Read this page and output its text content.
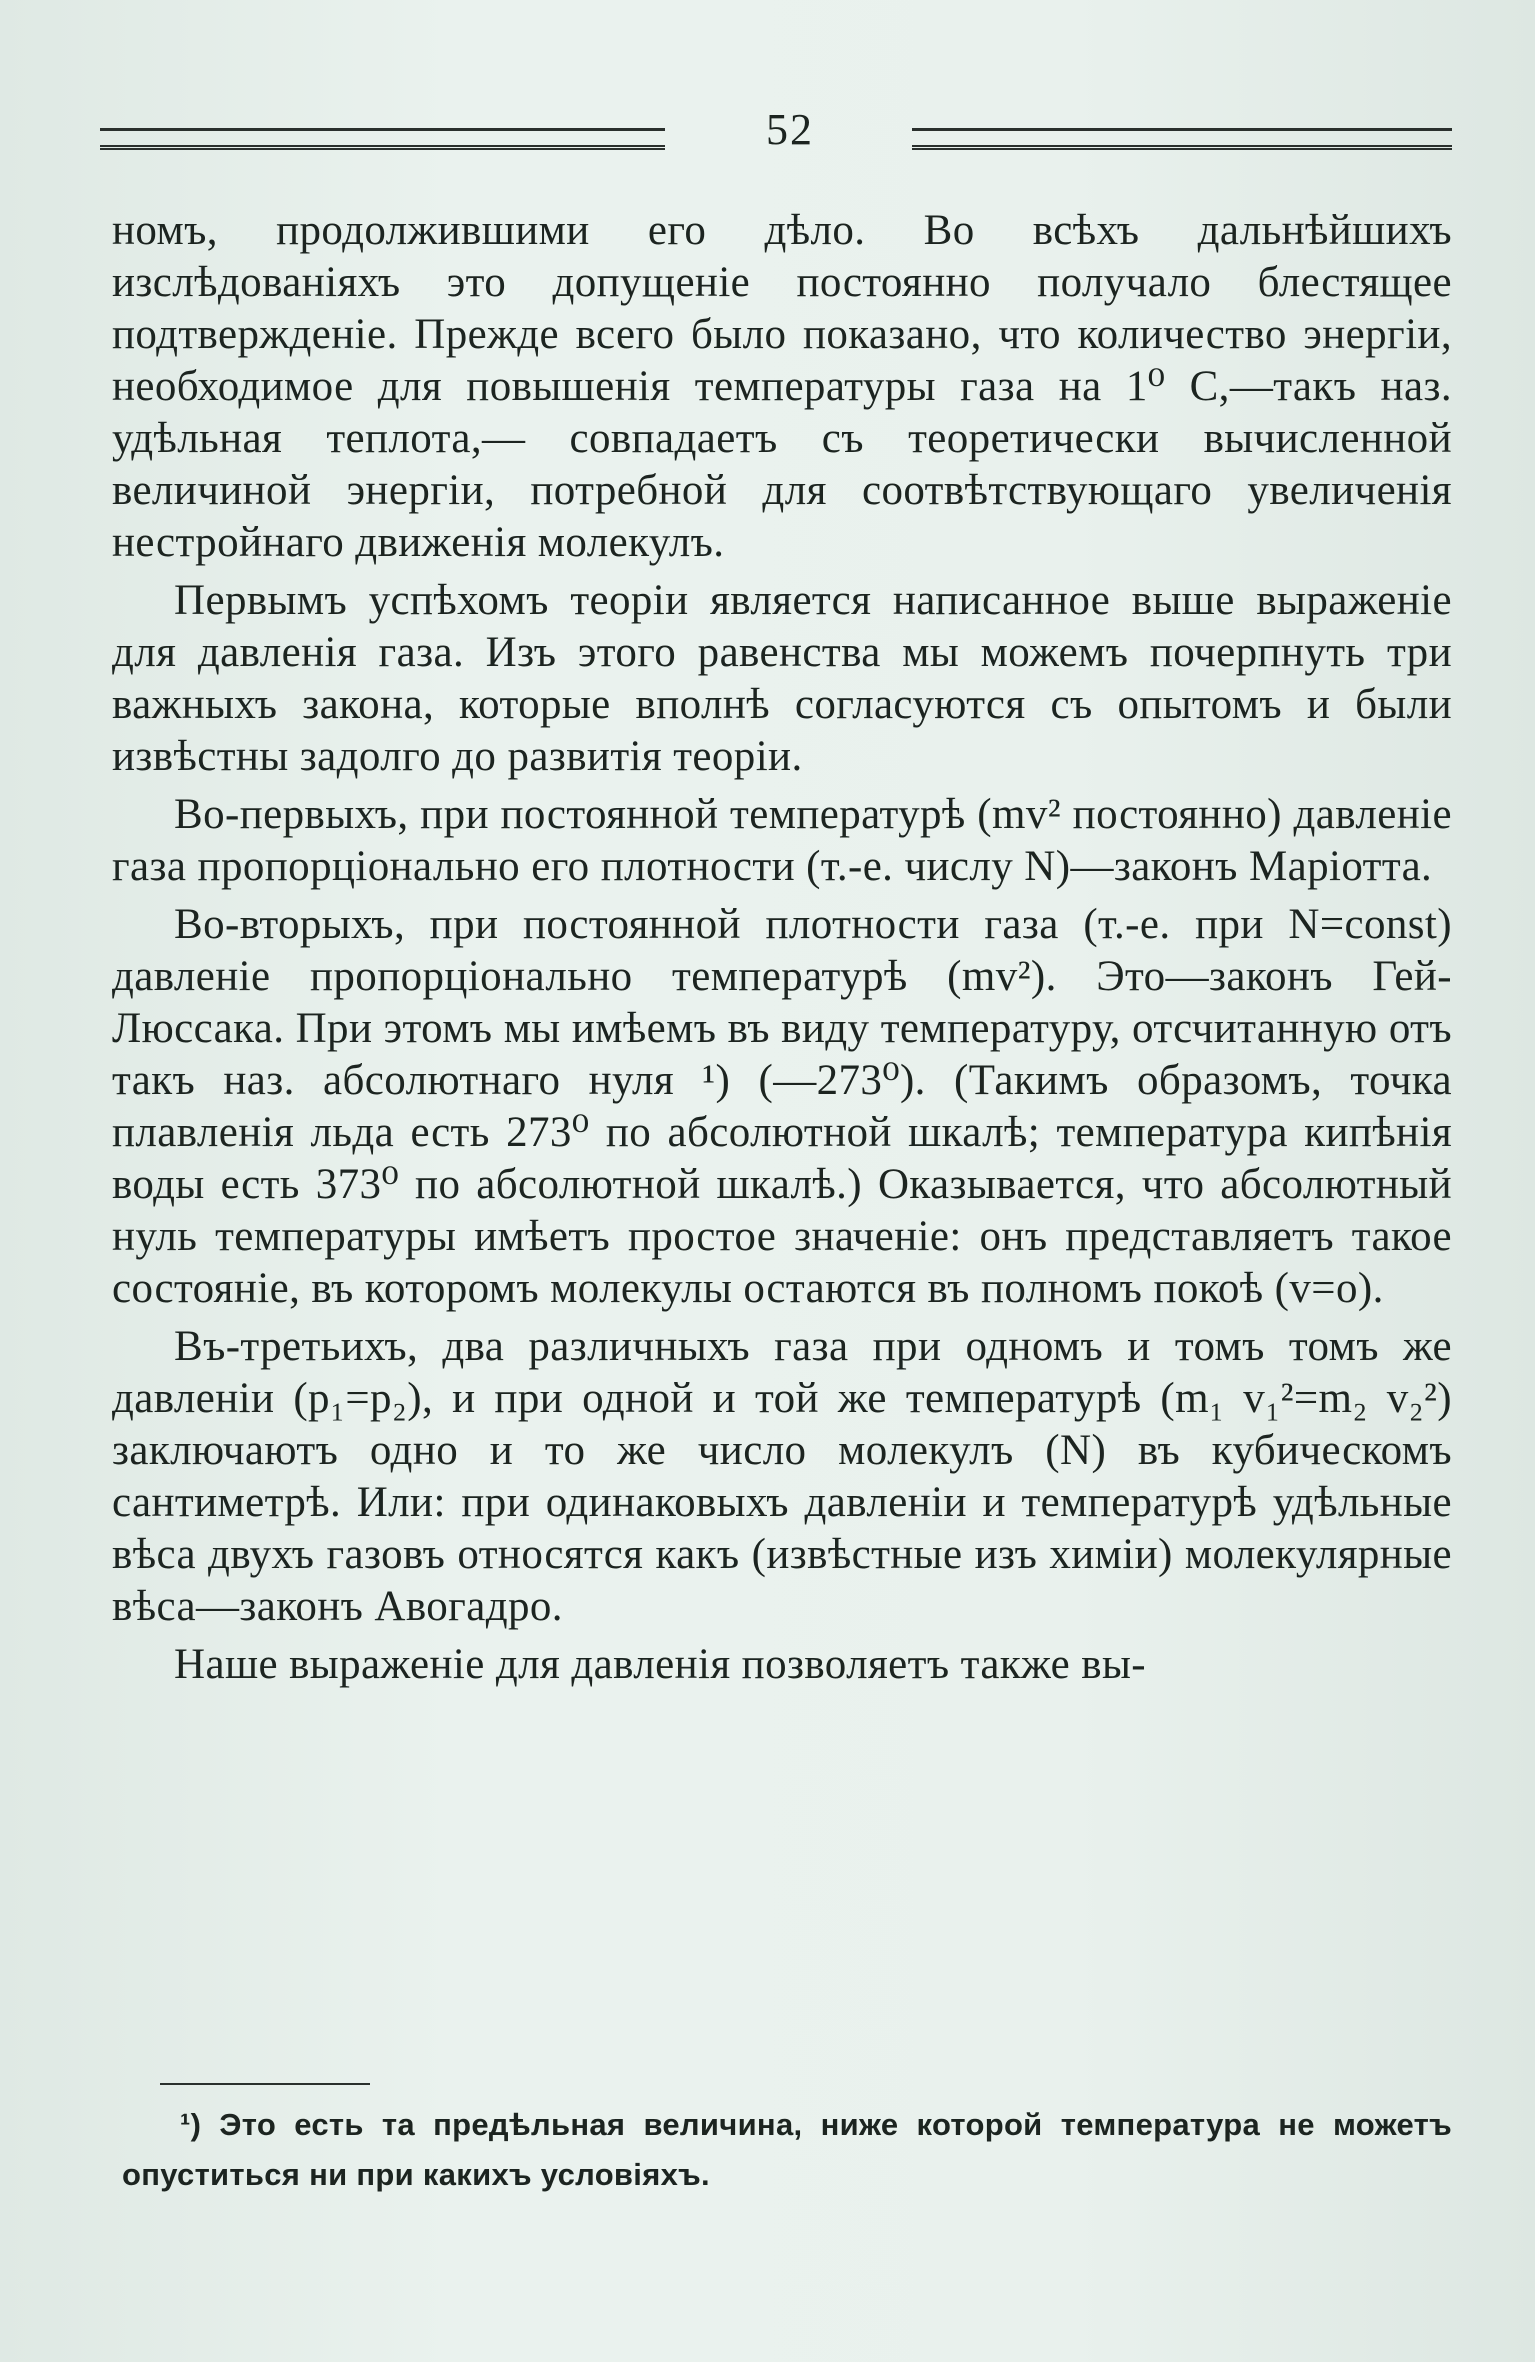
52

номъ, продолжившими его дѣло. Во всѣхъ дальнѣйшихъ изслѣдованіяхъ это допущеніе постоянно получало блестящее подтвержденіе. Прежде всего было показано, что количество энергіи, необходимое для повышенія температуры газа на 1⁰ С,—такъ наз. удѣльная теплота,— совпадаетъ съ теоретически вычисленной величиной энергіи, потребной для соотвѣтствующаго увеличенія нестройнаго движенія молекулъ.

Первымъ успѣхомъ теоріи является написанное выше выраженіе для давленія газа. Изъ этого равенства мы можемъ почерпнуть три важныхъ закона, которые вполнѣ согласуются съ опытомъ и были извѣстны задолго до развитія теоріи.

Во-первыхъ, при постоянной температурѣ (mv² постоянно) давленіе газа пропорціонально его плотности (т.-е. числу N)—законъ Маріотта.

Во-вторыхъ, при постоянной плотности газа (т.-е. при N=const) давленіе пропорціонально температурѣ (mv²). Это—законъ Гей-Люссака. При этомъ мы имѣемъ въ виду температуру, отсчитанную отъ такъ наз. абсолютнаго нуля ¹) (—273⁰). (Такимъ образомъ, точка плавленія льда есть 273⁰ по абсолютной шкалѣ; температура кипѣнія воды есть 373⁰ по абсолютной шкалѣ.) Оказывается, что абсолютный нуль температуры имѣетъ простое значеніе: онъ представляетъ такое состояніе, въ которомъ молекулы остаются въ полномъ покоѣ (v=o).

Въ-третьихъ, два различныхъ газа при одномъ и томъ томъ же давленіи (p₁=p₂), и при одной и той же температурѣ (m₁ v₁²=m₂ v₂²) заключаютъ одно и то же число молекулъ (N) въ кубическомъ сантиметрѣ. Или: при одинаковыхъ давленіи и температурѣ удѣльные вѣса двухъ газовъ относятся какъ (извѣстные изъ химіи) молекулярные вѣса—законъ Авогадро.

Наше выраженіе для давленія позволяетъ также вы-

¹) Это есть та предѣльная величина, ниже которой температура не можетъ опуститься ни при какихъ условіяхъ.
